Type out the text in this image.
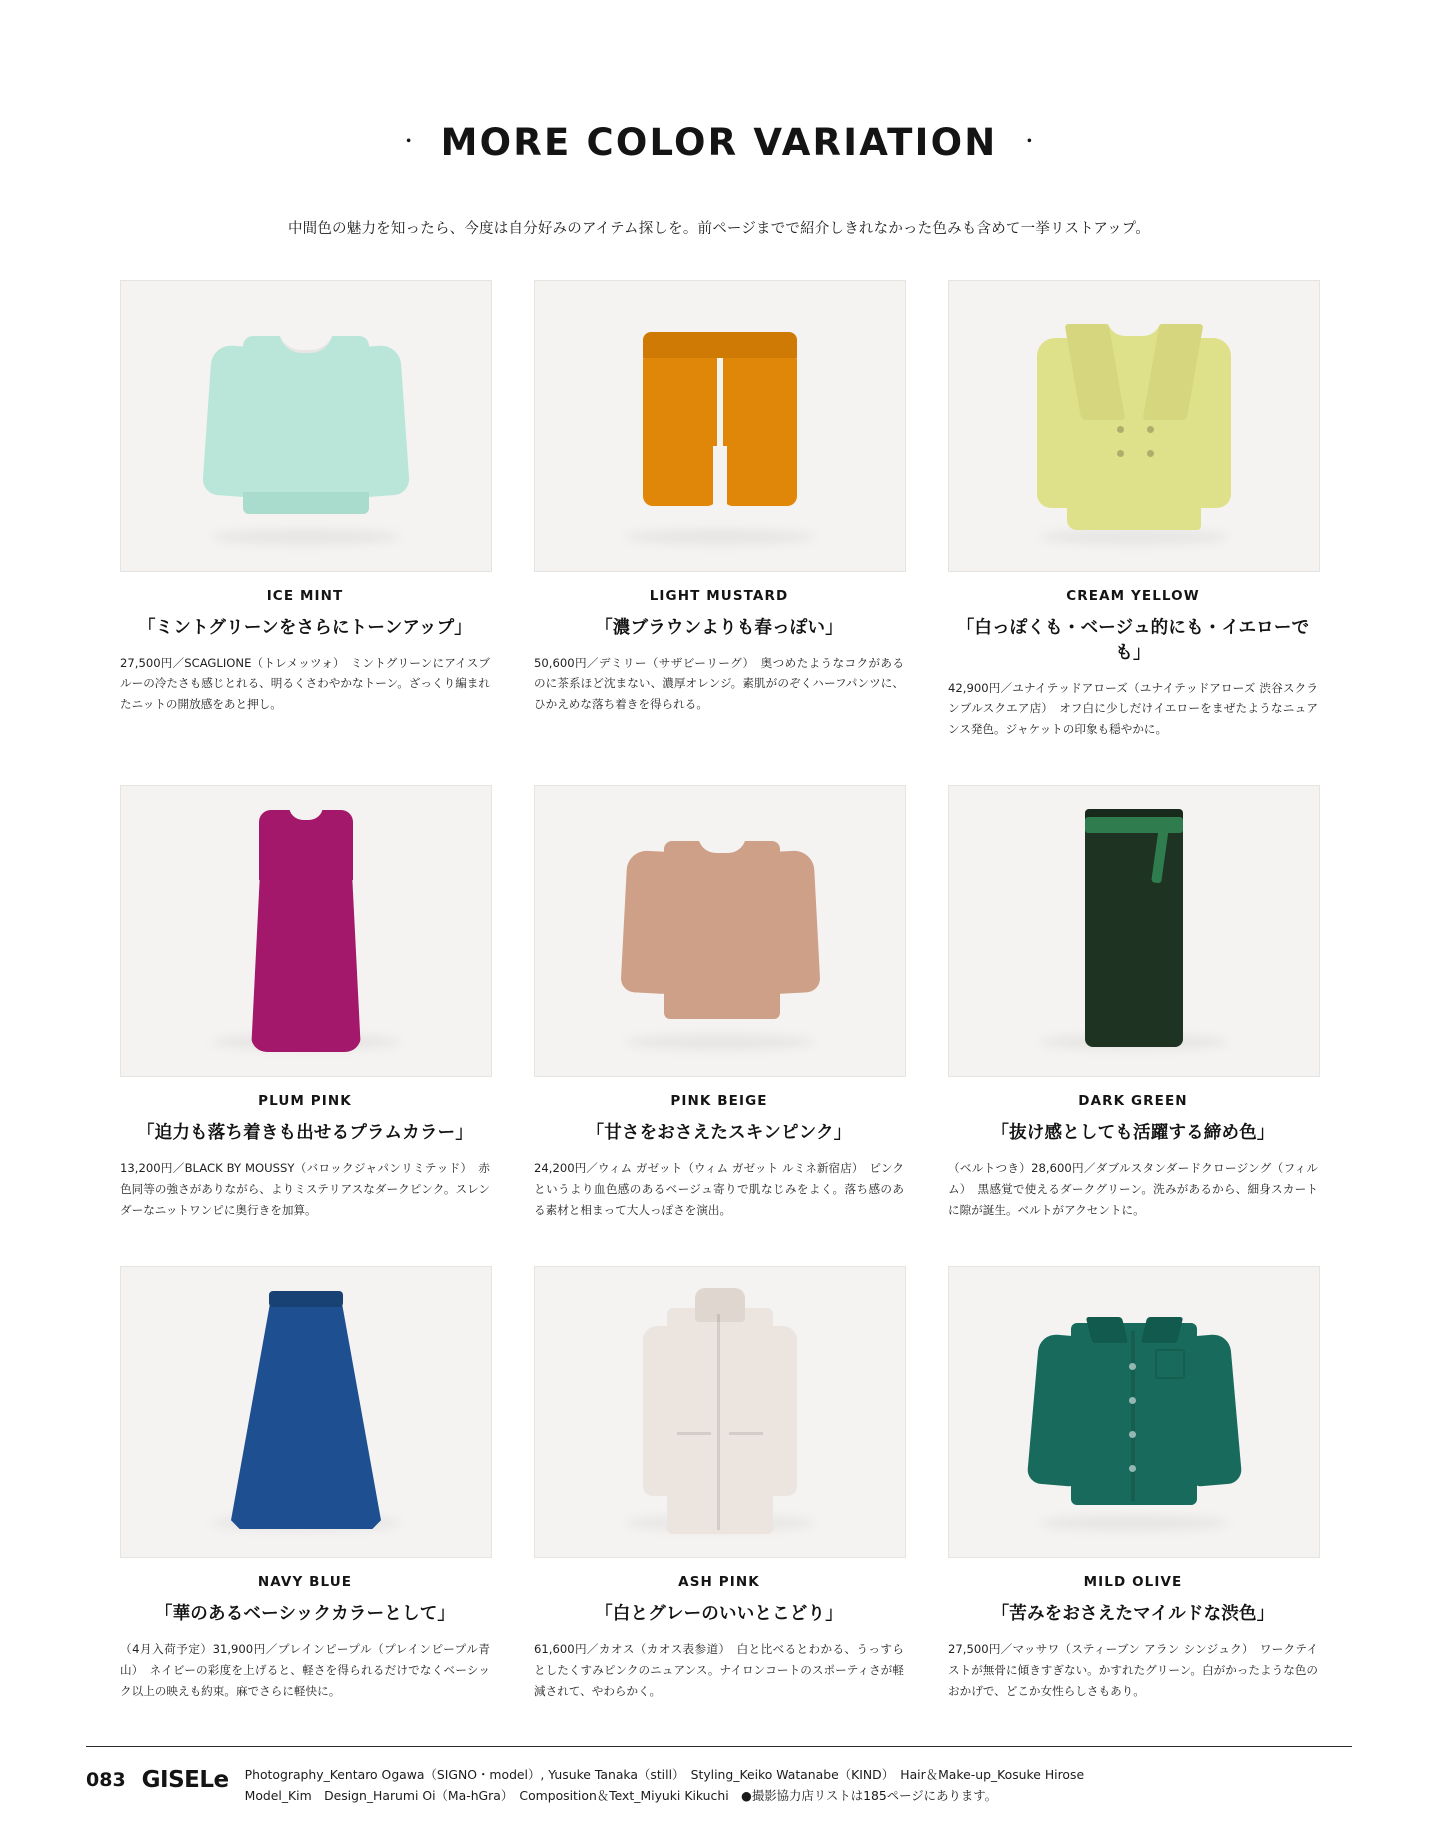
・ MORE COLOR VARIATION ・

中間色の魅力を知ったら、今度は自分好みのアイテム探しを。前ページまでで紹介しきれなかった色みも含めて一挙リストアップ。

ICE MINT
「ミントグリーンをさらにトーンアップ」
27,500円／SCAGLIONE（トレメッツォ）　ミントグリーンにアイスブルーの冷たさも感じとれる、明るくさわやかなトーン。ざっくり編まれたニットの開放感をあと押し。
LIGHT MUSTARD
「濃ブラウンよりも春っぽい」
50,600円／デミリー（サザビーリーグ）　奥つめたようなコクがあるのに茶系ほど沈まない、濃厚オレンジ。素肌がのぞくハーフパンツに、ひかえめな落ち着きを得られる。
CREAM YELLOW
「白っぽくも・ベージュ的にも・イエローでも」
42,900円／ユナイテッドアローズ（ユナイテッドアローズ 渋谷スクランブルスクエア店）　オフ白に少しだけイエローをまぜたようなニュアンス発色。ジャケットの印象も穏やかに。
PLUM PINK
「迫力も落ち着きも出せるプラムカラー」
13,200円／BLACK BY MOUSSY（バロックジャパンリミテッド）　赤色同等の強さがありながら、よりミステリアスなダークピンク。スレンダーなニットワンピに奥行きを加算。
PINK BEIGE
「甘さをおさえたスキンピンク」
24,200円／ウィム ガゼット（ウィム ガゼット ルミネ新宿店）　ピンクというより血色感のあるベージュ寄りで肌なじみをよく。落ち感のある素材と相まって大人っぽさを演出。
DARK GREEN
「抜け感としても活躍する締め色」
（ベルトつき）28,600円／ダブルスタンダードクロージング（フィルム）　黒感覚で使えるダークグリーン。洗みがあるから、細身スカートに隙が誕生。ベルトがアクセントに。
NAVY BLUE
「華のあるベーシックカラーとして」
（4月入荷予定）31,900円／プレインピープル（プレインピープル青山）　ネイビーの彩度を上げると、軽さを得られるだけでなくベーシック以上の映えも約束。麻でさらに軽快に。
ASH PINK
「白とグレーのいいとこどり」
61,600円／カオス（カオス表参道）　白と比べるとわかる、うっすらとしたくすみピンクのニュアンス。ナイロンコートのスポーティさが軽減されて、やわらかく。
MILD OLIVE
「苦みをおさえたマイルドな渋色」
27,500円／マッサワ（スティーブン アラン シンジュク）　ワークテイストが無骨に傾きすぎない。かすれたグリーン。白がかったような色のおかげで、どこか女性らしさもあり。
083 GISELe Photography_Kentaro Ogawa（SIGNO・model）, Yusuke Tanaka（still）　Styling_Keiko Watanabe（KIND）　Hair＆Make-up_Kosuke Hirose
Model_Kim　Design_Harumi Oi（Ma-hGra）　Composition＆Text_Miyuki Kikuchi　●撮影協力店リストは185ページにあります。
